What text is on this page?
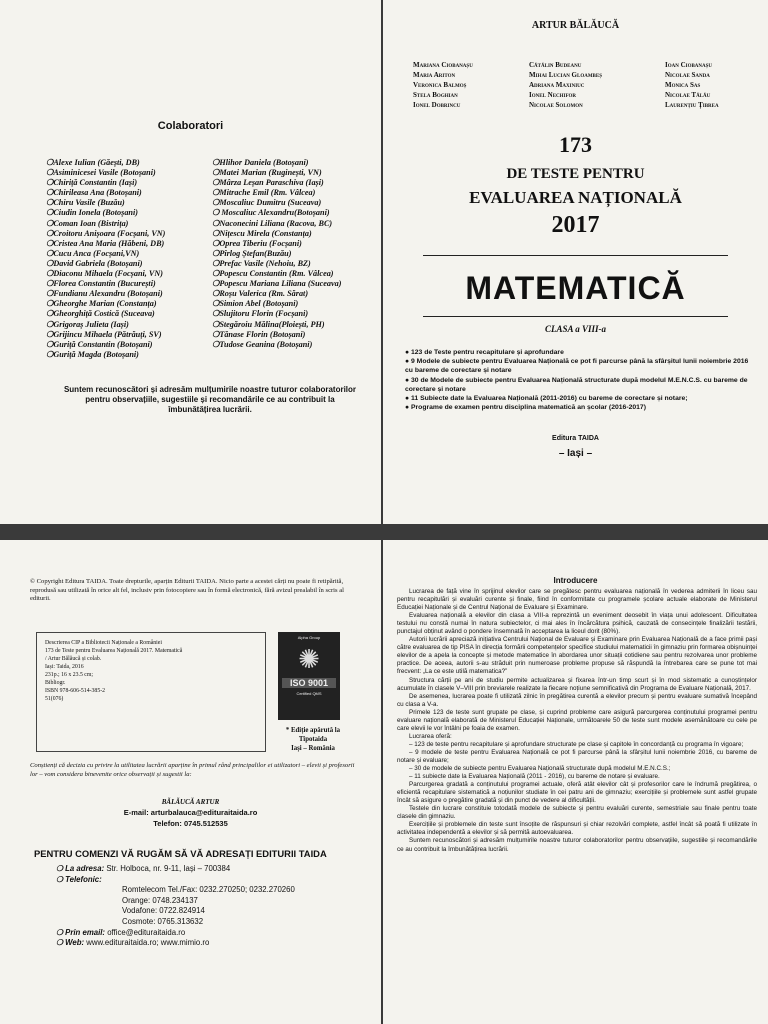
Colaboratori
❍Alexe Iulian (Găești, DB)
❍Asiminicesei Vasile (Botoșani)
❍Chiriță Constantin (Iași)
❍Chirileasa Ana (Botoșani)
❍Chiru Vasile (Buzău)
❍Ciudin Ionela (Botoșani)
❍Coman Ioan (Bistrița)
❍Croitoru Anișoara (Focșani, VN)
❍Cristea Ana Maria (Hăbeni, DB)
❍Cucu Anca (Focșani,VN)
❍David Gabriela (Botoșani)
❍Diaconu Mihaela (Focșani, VN)
❍Florea Constantin (București)
❍Fundianu Alexandru (Botoșani)
❍Gheorghe Marian (Constanța)
❍Gheorghiță Costică (Suceava)
❍Grigoraș Julieta (Iași)
❍Grijincu Mihaela (Pătrăuți, SV)
❍Guriță Constantin (Botoșani)
❍Guriță Magda (Botoșani)
❍Hlihor Daniela (Botoșani)
❍Matei Marian (Ruginești, VN)
❍Mârza Leșan Paraschiva (Iași)
❍Mitrache Emil (Rm. Vâlcea)
❍Moscaliuc Dumitru (Suceava)
❍ Moscaliuc Alexandru(Botoșani)
❍Naconecini Liliana (Racova, BC)
❍Nițescu Mirela (Constanța)
❍Oprea Tiberiu (Focșani)
❍Pîrlog Ștefan(Buzău)
❍Prefac Vasile (Nehoiu, BZ)
❍Popescu Constantin (Rm. Vâlcea)
❍Popescu Mariana Liliana (Suceava)
❍Roșu Valerica (Rm. Sărat)
❍Simion Abel (Botoșani)
❍Slujitoru Florin (Focșani)
❍Stegăroiu Mălina(Ploiești, PH)
❍Tănase Florin (Botoșani)
❍Tudose Geanina (Botoșani)
Suntem recunoscători și adresăm mulțumirile noastre tuturor colaboratorilor pentru observațiile, sugestiile și recomandările ce au contribuit la îmbunătățirea lucrării.
ARTUR BĂLĂUCĂ
Mariana Ciobanașu
Maria Ariton
Veronica Balmoș
Stela Boghian
Ionel Dobrincu
Cătălin Budeanu
Mihai Lucian Gloambeș
Adriana Maxiniuc
Ionel Nechifor
Nicolae Solomon
Ioan Ciobanașu
Nicolae Sanda
Monica Sas
Nicolae Tălău
Laurențiu Țibrea
173
DE TESTE PENTRU
EVALUAREA NAȚIONALĂ
2017
MATEMATICĂ
CLASA a VIII-a
● 123 de Teste pentru recapitulare și aprofundare
● 9 Modele de subiecte pentru Evaluarea Națională ce pot fi parcurse până la sfârșitul lunii noiembrie 2016 cu bareme de corectare și notare
● 30 de Modele de subiecte pentru Evaluarea Națională structurate după modelul M.E.N.C.S. cu bareme de corectare și notare
● 11 Subiecte date la Evaluarea Națională (2011-2016) cu bareme de corectare și notare;
● Programe de examen pentru disciplina matematică an școlar (2016-2017)
Editura TAIDA
– Iași –
© Copyright Editura TAIDA. Toate drepturile, aparțin Editurii TAIDA. Nicio parte a acestei cărți nu poate fi retipărită, reprodusă sau utilizată în orice alt fel, inclusiv prin fotocopiere sau în formă electronică, fără avizul prealabil în scris al editurii.
Descrierea CIP a Bibliotecii Naționale a României
173 de Teste pentru Evaluarea Națională 2017. Matematică
/ Artur Bălăucă și colab.
Iași: Taida, 2016
231p.; 16 x 23.5 cm;
Bibliogr.
ISBN 978-606-514-385-2
51(076)
Alpha Group
✺
ISO 9001
Certified QMS
* Ediție apărută la
Tipotaida
Iași – România
Conștienți că decizia cu privire la utilitatea lucrării aparține în primul rând principalilor ei utilizatori – elevii și profesorii lor – vom considera binevenite orice observații și sugestii la:
BĂLĂUCĂ ARTUR
E-mail: arturbalauca@edituraitaida.ro
Telefon: 0745.512535
PENTRU COMENZI VĂ RUGĂM SĂ VĂ ADRESAȚI EDITURII TAIDA
❍ La adresa: Str. Holboca, nr. 9-11, Iași – 700384
❍ Telefonic:
Romtelecom Tel./Fax: 0232.270250; 0232.270260
Orange: 0748.234137
Vodafone: 0722.824914
Cosmote: 0765.313632
❍ Prin email: office@edituraitaida.ro
❍ Web: www.edituraitaida.ro; www.mimio.ro
Introducere

Lucrarea de față vine în sprijinul elevilor care se pregătesc pentru evaluarea națională în vederea admiterii în liceu sau pentru recapitulări și evaluări curente și finale, fiind în conformitate cu programele școlare actuale elaborate de Ministerul Educației Naționale și de Centrul Național de Evaluare și Examinare.

Evaluarea națională a elevilor din clasa a VIII-a reprezintă un eveniment deosebit în viața unui adolescent. Dificultatea testului nu constă numai în natura subiectelor, ci mai ales în încărcătura psihică, cauzată de consecințele finalizării testării, punctajul obținut având o pondere însemnată în acceptarea la liceul dorit (80%).

Autorii lucrării apreciază inițiativa Centrului Național de Evaluare și Examinare prin Evaluarea Națională de a face primii pași către evaluarea de tip PISA în direcția formării competențelor specifice studiului matematicii în gimnaziu prin formarea obișnuinței elevilor de a apela la concepte și metode matematice în abordarea unor situații cotidiene sau pentru rezolvarea unor probleme practice. De aceea, autorii s-au străduit prin numeroase probleme propuse să răspundă la întrebarea care se pune tot mai frecvent: „La ce este utilă matematica?”

Structura cărții pe ani de studiu permite actualizarea și fixarea într-un timp scurt și în mod sistematic a cunoștințelor acumulate în clasele V–VIII prin breviarele realizate la fiecare noțiune semnificativă din Programa de Evaluare Națională, 2017.

De asemenea, lucrarea poate fi utilizată zilnic în pregătirea curentă a elevilor precum și pentru evaluare sumativă începând cu clasa a V-a.

Primele 123 de teste sunt grupate pe clase, și cuprind probleme care asigură parcurgerea conținutului programei pentru evaluare națională elaborată de Ministerul Educației Naționale, următoarele 50 de teste sunt modele asemănătoare cu cele pe care elevii le vor întâlni pe foaia de examen.

Lucrarea oferă:

– 123 de teste pentru recapitulare și aprofundare structurate pe clase și capitole în concordanță cu programa în vigoare;

– 9 modele de teste pentru Evaluarea Națională ce pot fi parcurse până la sfârșitul lunii noiembrie 2016, cu bareme de notare și evaluare;

– 30 de modele de subiecte pentru Evaluarea Națională structurate după modelul M.E.N.C.S.;

– 11 subiecte date la Evaluarea Națională (2011 - 2016), cu bareme de notare și evaluare.

Parcurgerea gradată a conținutului programei actuale, oferă atât elevilor cât și profesorilor care le îndrumă pregătirea, o eficientă recapitulare sistematică a noțiunilor studiate în cei patru ani de gimnaziu; exercițiile și problemele sunt astfel grupate încât să asigure o pregătire gradată și din punct de vedere al dificultății.

Testele din lucrare constituie totodată modele de subiecte și pentru evaluări curente, semestriale sau finale pentru toate clasele din gimnaziu.

Exercițiile și problemele din teste sunt însoțite de răspunsuri și chiar rezolvări complete, astfel încât să poată fi utilizate în activitatea independentă a elevilor și să permită autoevaluarea.

Suntem recunoscători și adresăm mulțumirile noastre tuturor colaboratorilor pentru observațiile, sugestiile și recomandările ce au contribuit la îmbunătățirea lucrării.
